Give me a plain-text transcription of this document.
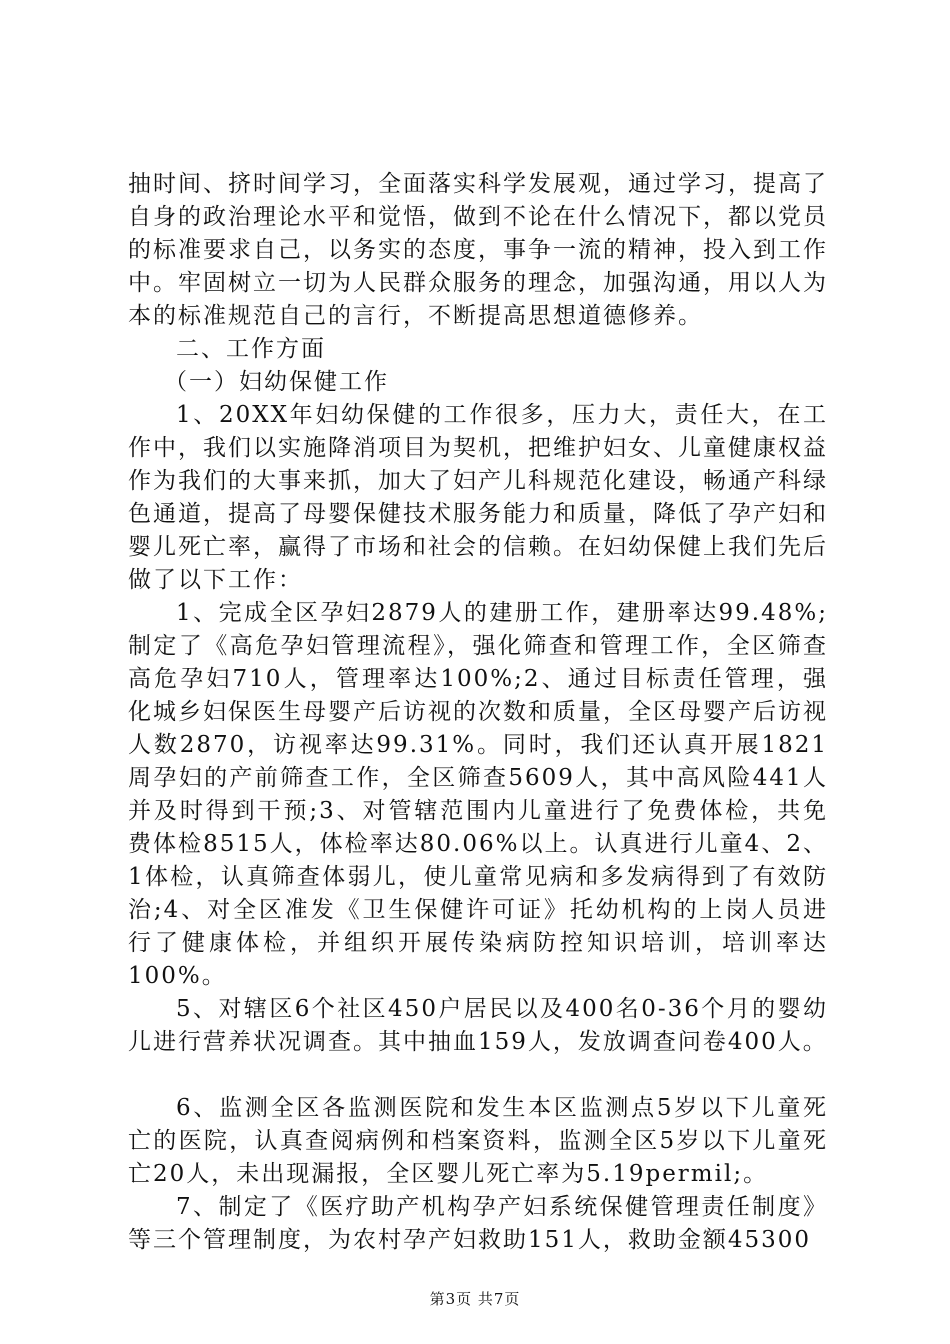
抽时间、挤时间学习，全面落实科学发展观，通过学习，提高了自身的政治理论水平和觉悟，做到不论在什么情况下，都以党员的标准要求自己，以务实的态度，事争一流的精神，投入到工作中。牢固树立一切为人民群众服务的理念，加强沟通，用以人为本的标准规范自己的言行，不断提高思想道德修养。

二、工作方面

（一）妇幼保健工作

1、20XX年妇幼保健的工作很多，压力大，责任大，在工作中，我们以实施降消项目为契机，把维护妇女、儿童健康权益作为我们的大事来抓，加大了妇产儿科规范化建设，畅通产科绿色通道，提高了母婴保健技术服务能力和质量，降低了孕产妇和婴儿死亡率，赢得了市场和社会的信赖。在妇幼保健上我们先后做了以下工作：

1、完成全区孕妇2879人的建册工作，建册率达99.48%;制定了《高危孕妇管理流程》，强化筛查和管理工作，全区筛查高危孕妇710人，管理率达100%;2、通过目标责任管理，强化城乡妇保医生母婴产后访视的次数和质量，全区母婴产后访视人数2870，访视率达99.31%。同时，我们还认真开展1821周孕妇的产前筛查工作，全区筛查5609人，其中高风险441人并及时得到干预;3、对管辖范围内儿童进行了免费体检，共免费体检8515人，体检率达80.06%以上。认真进行儿童4、2、1体检，认真筛查体弱儿，使儿童常见病和多发病得到了有效防治;4、对全区准发《卫生保健许可证》托幼机构的上岗人员进行了健康体检，并组织开展传染病防控知识培训，培训率达100%。

5、对辖区6个社区450户居民以及400名0-36个月的婴幼儿进行营养状况调查。其中抽血159人，发放调查问卷400人。

6、监测全区各监测医院和发生本区监测点5岁以下儿童死亡的医院，认真查阅病例和档案资料，监测全区5岁以下儿童死亡20人，未出现漏报，全区婴儿死亡率为5.19permil;。

7、制定了《医疗助产机构孕产妇系统保健管理责任制度》等三个管理制度，为农村孕产妇救助151人，救助金额45300

第3页 共7页
